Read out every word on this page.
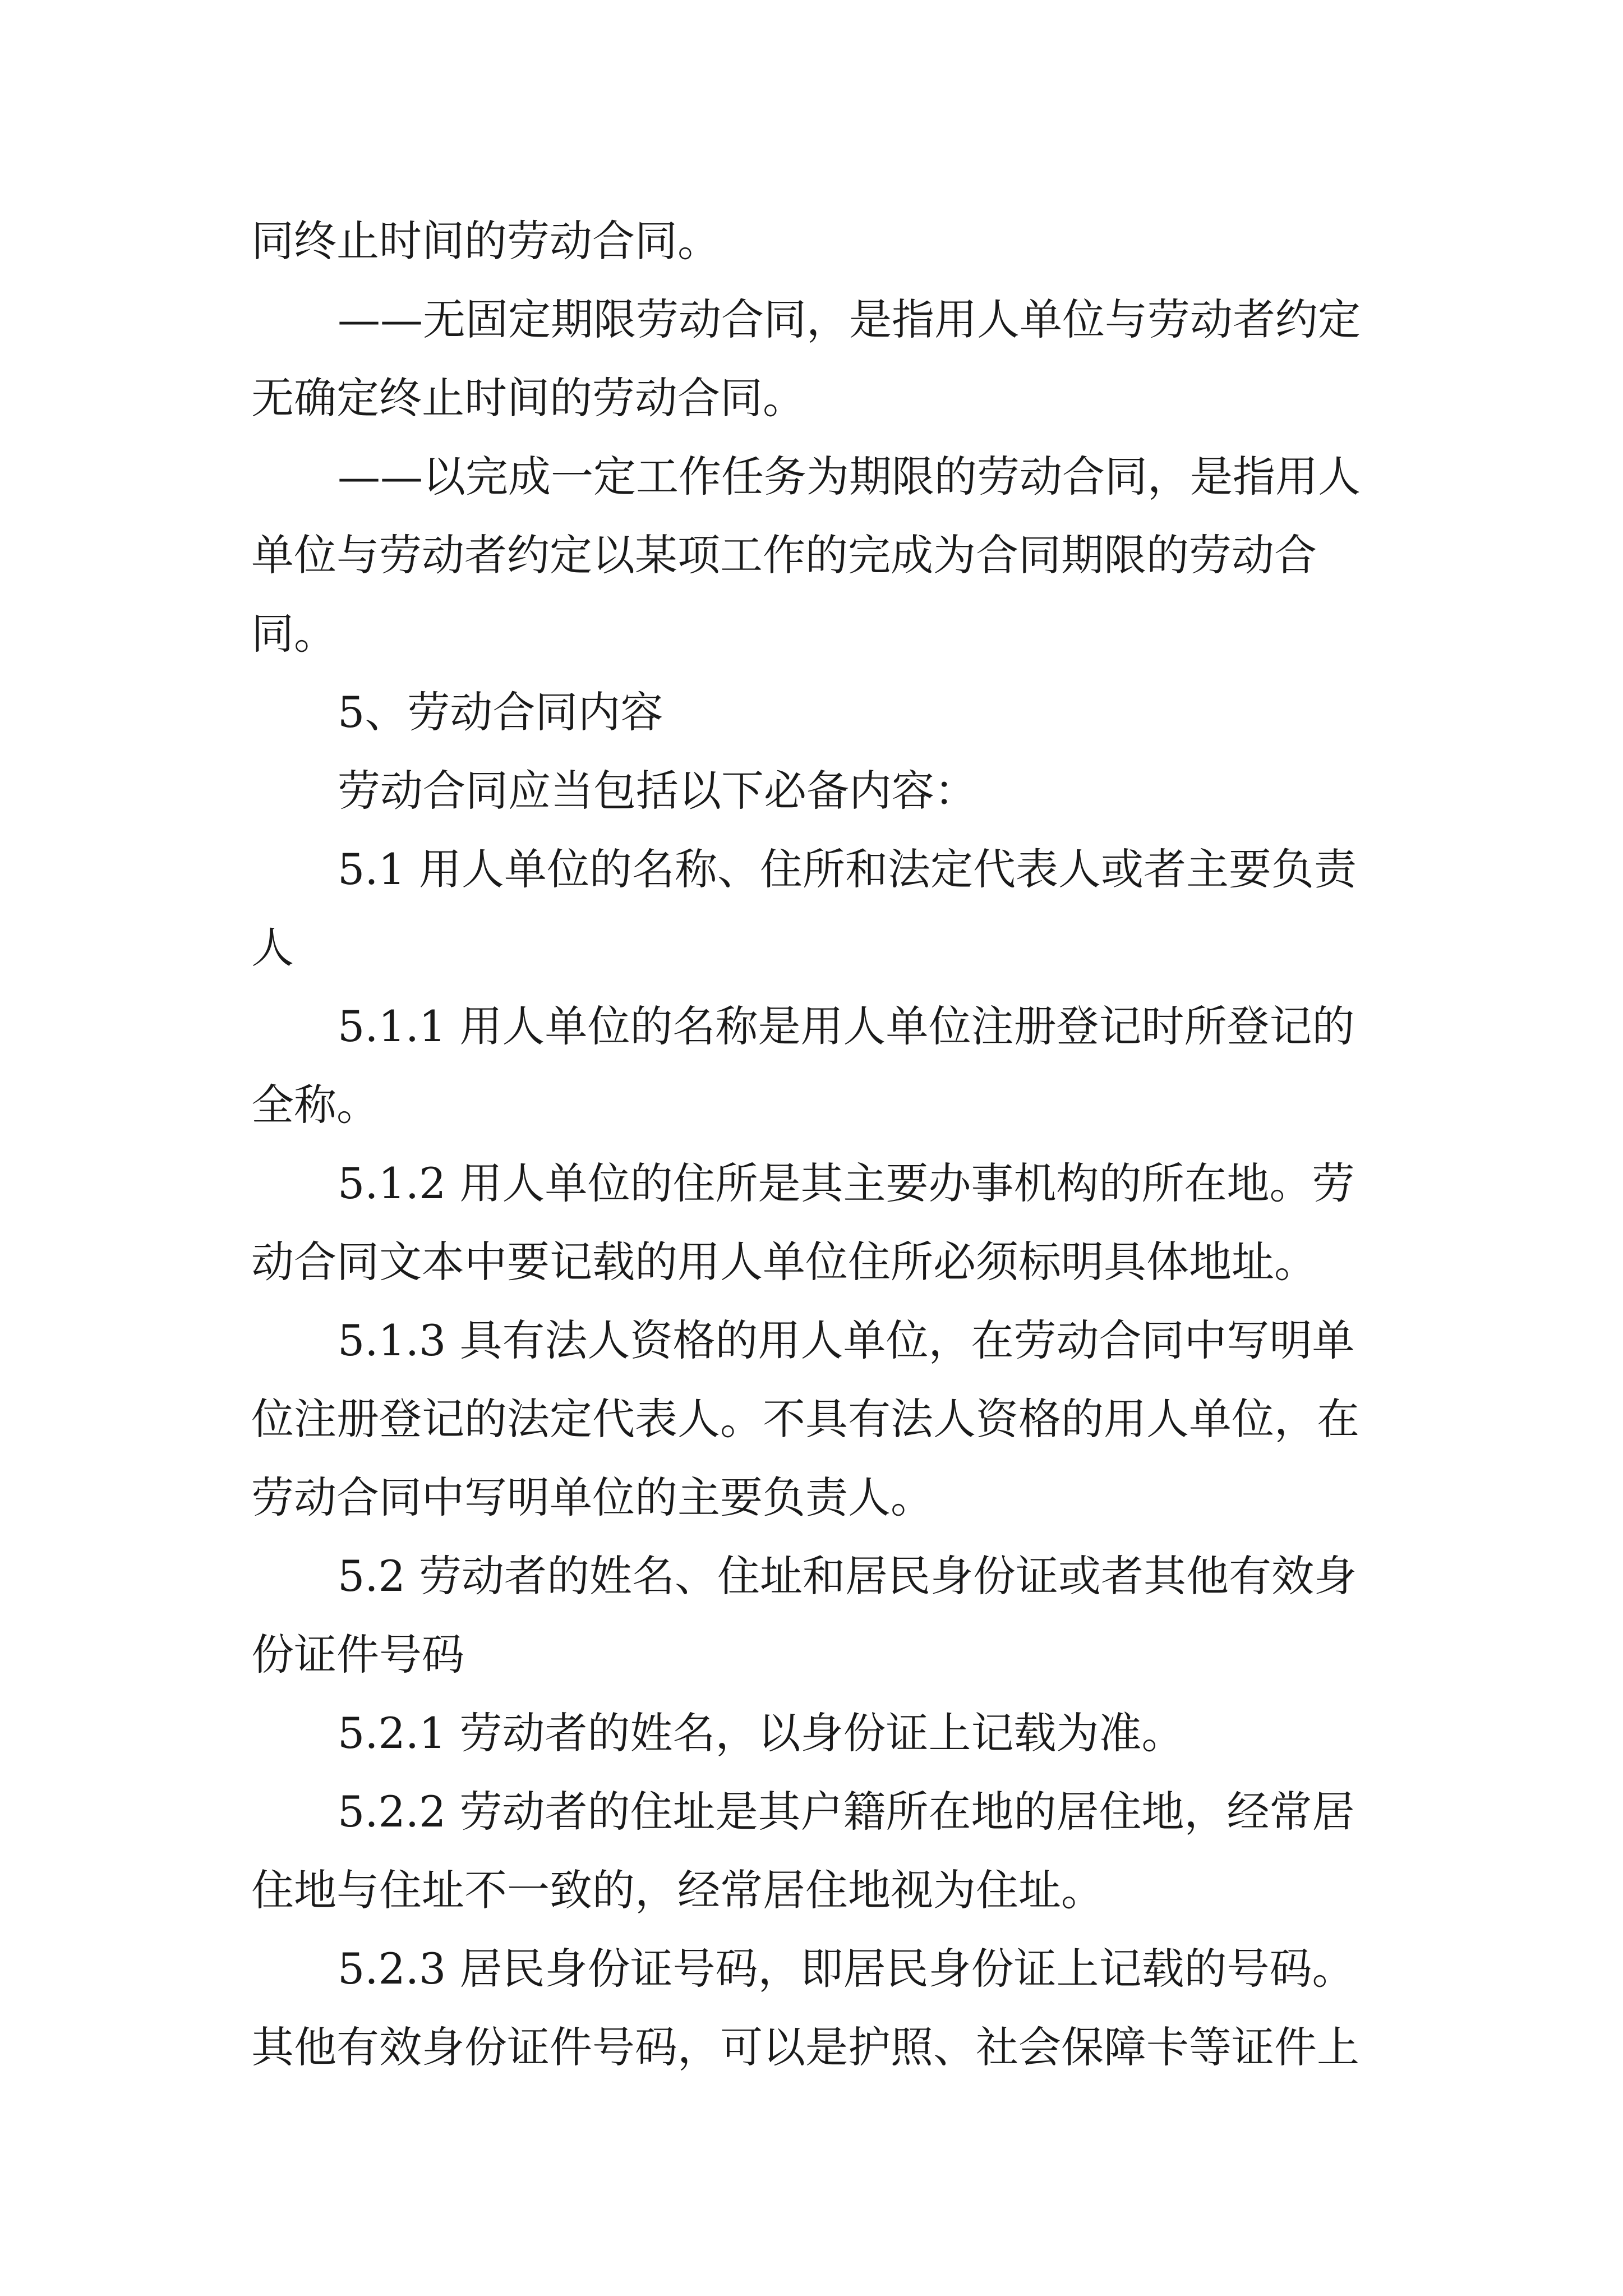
同终止时间的劳动合同。
——无固定期限劳动合同，是指用人单位与劳动者约定
无确定终止时间的劳动合同。
——以完成一定工作任务为期限的劳动合同，是指用人
单位与劳动者约定以某项工作的完成为合同期限的劳动合
同。
5、劳动合同内容
劳动合同应当包括以下必备内容：
5.1 用人单位的名称、住所和法定代表人或者主要负责
人
5.1.1 用人单位的名称是用人单位注册登记时所登记的
全称。
5.1.2 用人单位的住所是其主要办事机构的所在地。劳
动合同文本中要记载的用人单位住所必须标明具体地址。
5.1.3 具有法人资格的用人单位，在劳动合同中写明单
位注册登记的法定代表人。不具有法人资格的用人单位，在
劳动合同中写明单位的主要负责人。
5.2 劳动者的姓名、住址和居民身份证或者其他有效身
份证件号码
5.2.1 劳动者的姓名，以身份证上记载为准。
5.2.2 劳动者的住址是其户籍所在地的居住地，经常居
住地与住址不一致的，经常居住地视为住址。
5.2.3 居民身份证号码，即居民身份证上记载的号码。
其他有效身份证件号码，可以是护照、社会保障卡等证件上
